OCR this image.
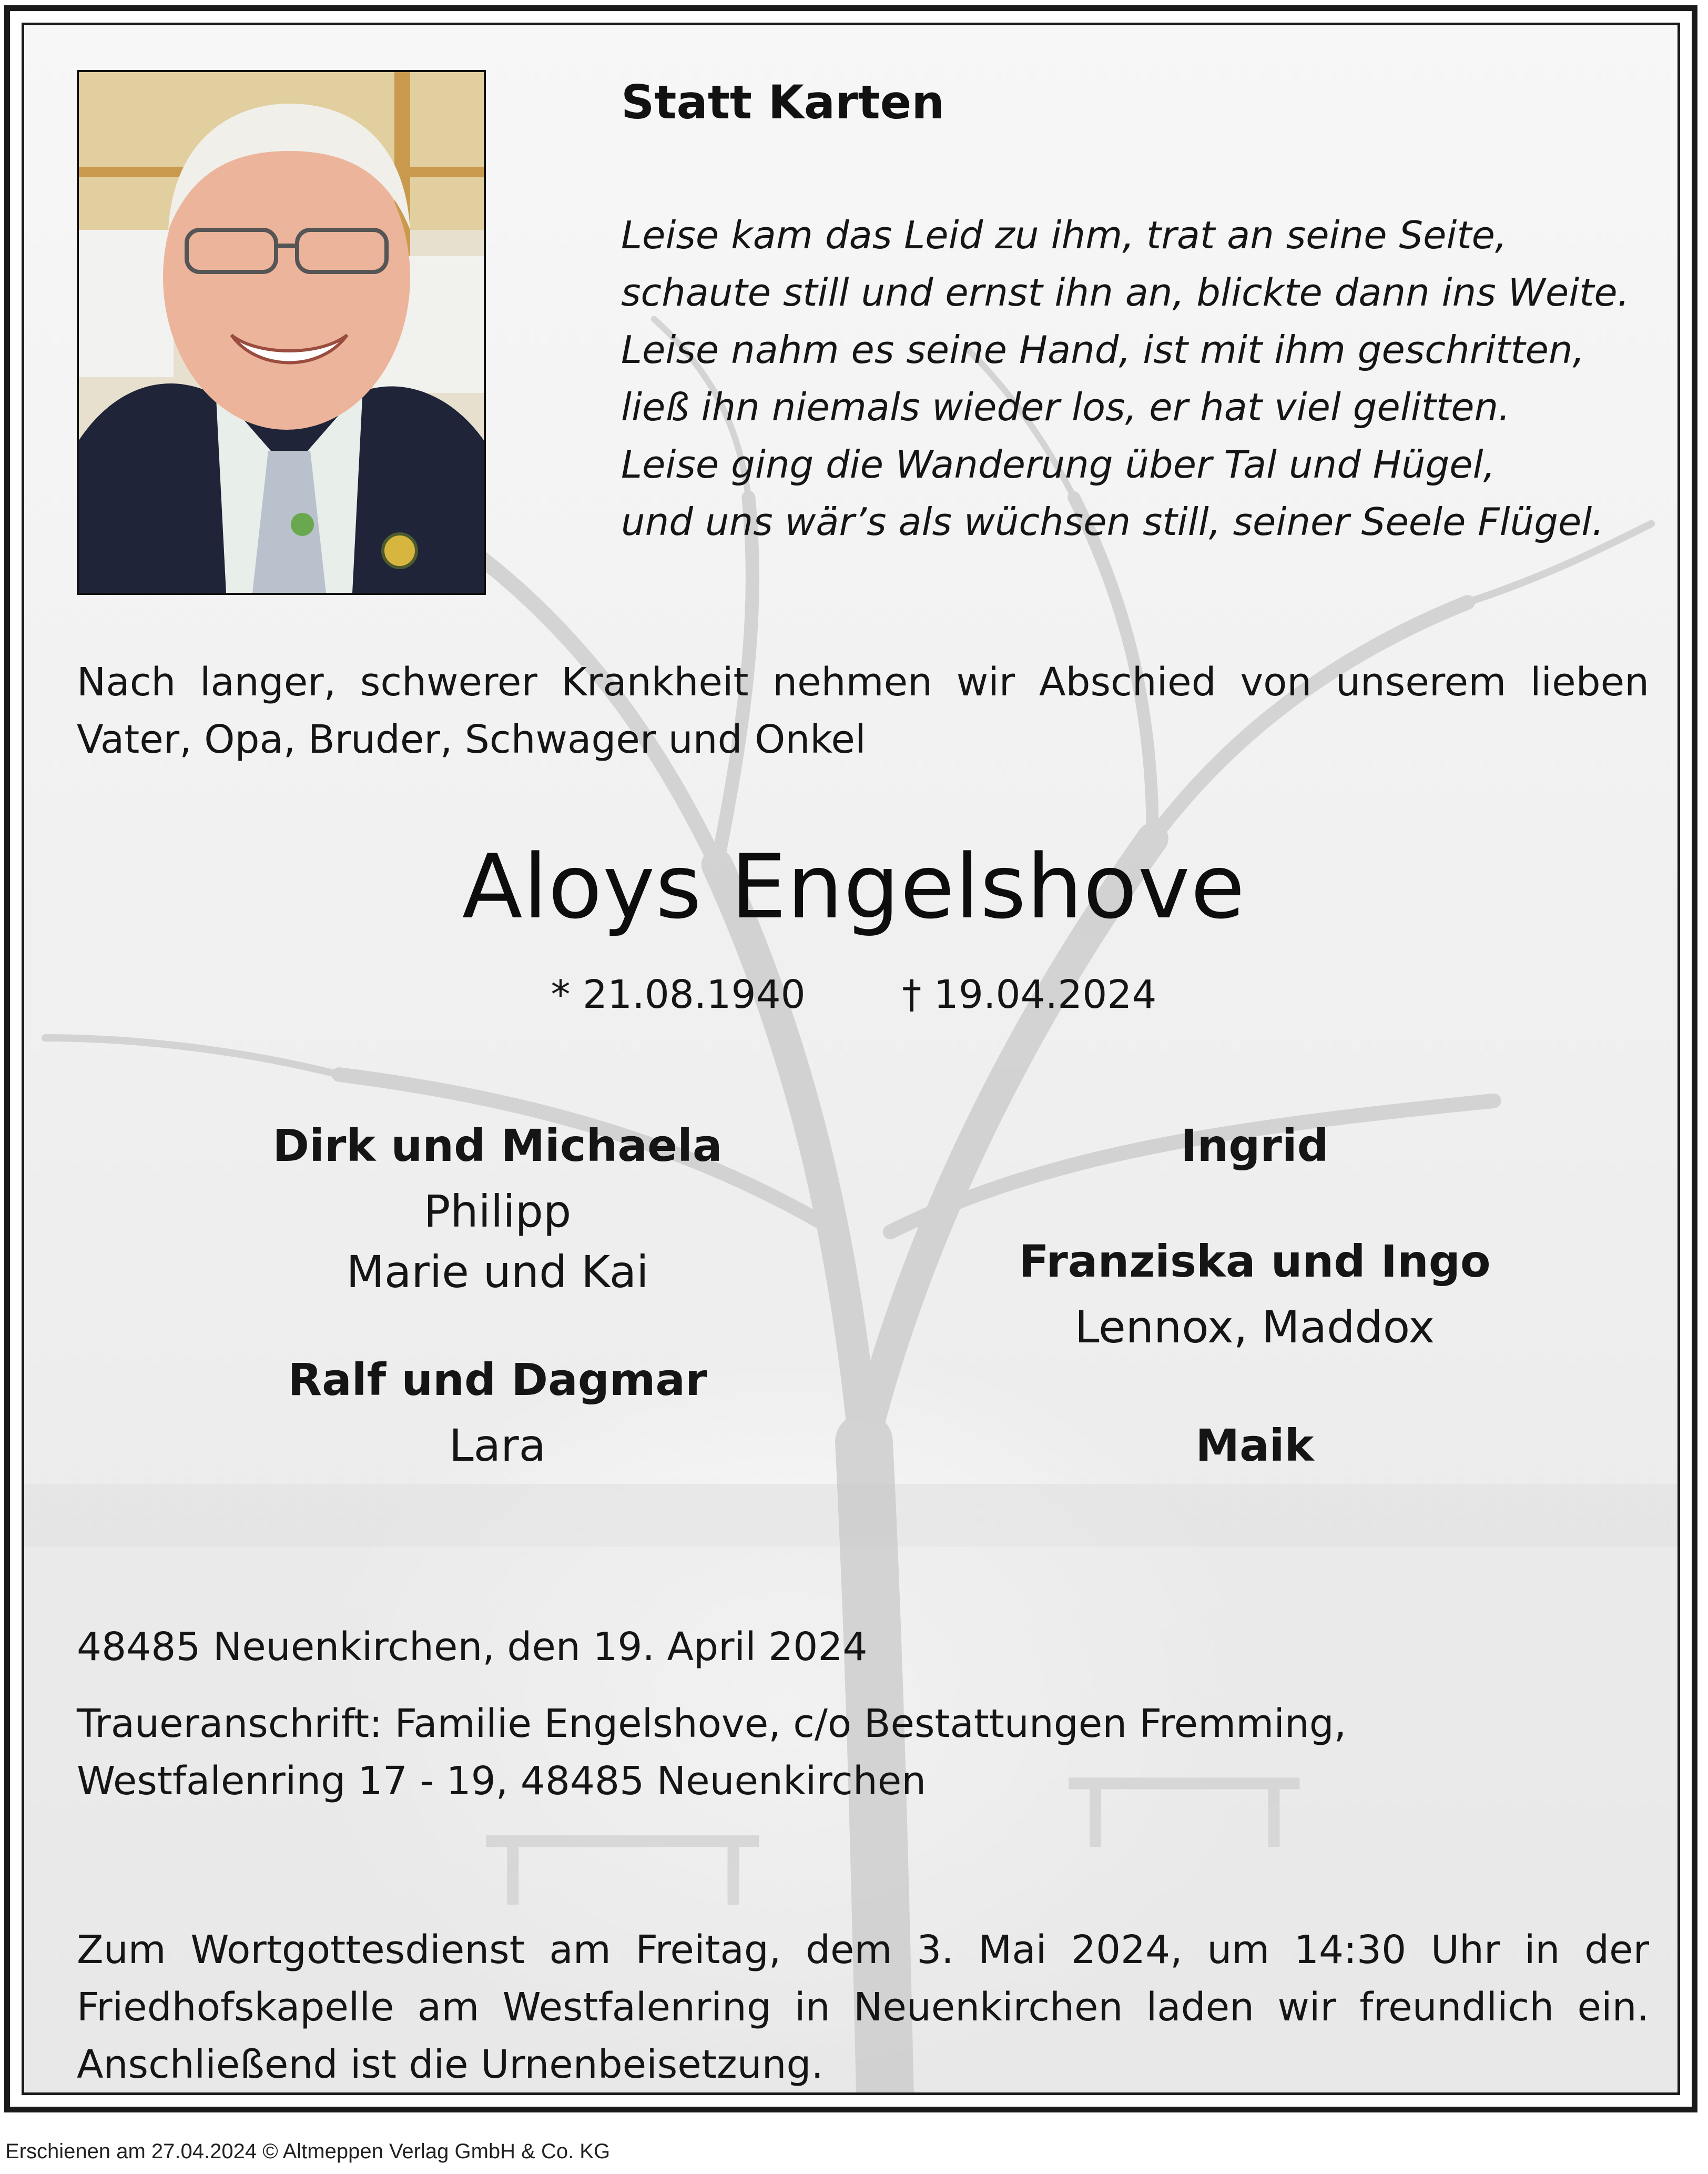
Statt Karten
Leise kam das Leid zu ihm, trat an seine Seite,
schaute still und ernst ihn an, blickte dann ins Weite.
Leise nahm es seine Hand, ist mit ihm geschritten,
ließ ihn niemals wieder los, er hat viel gelitten.
Leise ging die Wanderung über Tal und Hügel,
und uns wär’s als wüchsen still, seiner Seele Flügel.
Nach langer, schwerer Krankheit nehmen wir Abschied von unserem lieben
Vater, Opa, Bruder, Schwager und Onkel
Aloys Engelshove
* 21.08.1940 † 19.04.2024
Dirk und Michaela
Philipp
Marie und Kai
Ralf und Dagmar
Lara
Ingrid
Franziska und Ingo
Lennox, Maddox
Maik
48485 Neuenkirchen, den 19. April 2024
Traueranschrift: Familie Engelshove, c/o Bestattungen Fremming,
Westfalenring 17 - 19, 48485 Neuenkirchen
Zum Wortgottesdienst am Freitag, dem 3. Mai 2024, um 14:30 Uhr in der
Friedhofskapelle am Westfalenring in Neuenkirchen laden wir freundlich ein.
Anschließend ist die Urnenbeisetzung.
Erschienen am 27.04.2024 © Altmeppen Verlag GmbH & Co. KG
